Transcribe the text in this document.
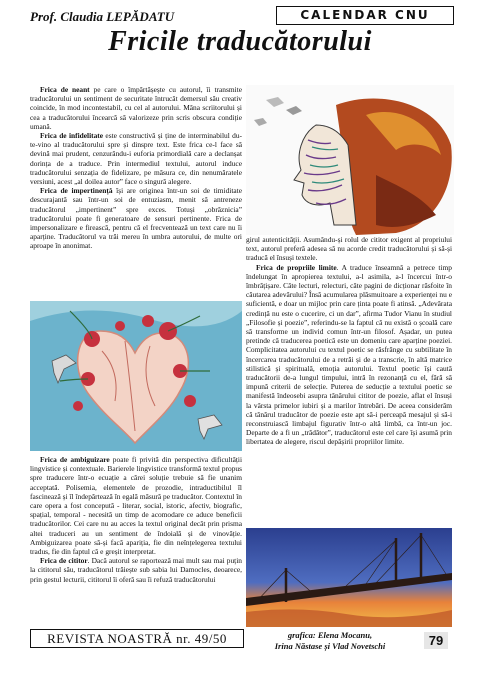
Prof. Claudia LEPĂDATU	CALENDAR CNU
Fricile traducătorului

Frica de neant pe care o împărtășește cu autorul, îi transmite traducătorului un sentiment de securitate întrucât demersul său creativ coincide, în mod incontestabil, cu cel al autorului. Mâna scriitorului și cea a traducătorului încearcă să valorizeze prin scris obscura condiție umană.

Frica de infidelitate este constructivă și ține de interminabilul du-te-vino al traducătorului spre și dinspre text. Este frica ce-l face să devină mai prudent, cenzurându-i euforia primordială care a declanșat dorința de a traduce. Prin intermediul textului, autorul induce traducătorului senzația de fidelizare, pe măsura ce, din nenumăratele versiuni, acest „al doilea autor” face o singură alegere.

Frica de impertinență își are originea într-un soi de timiditate descurajantă sau într-un soi de entuziasm, menit să antreneze traducătorul „impertinent” spre exces. Totuși „obrăznicia” traducătorului poate fi generatoare de sensuri pertinente. Frica de impersonalizare e firească, pentru că el frecventează un text care nu îi aparține. Traducătorul va trăi mereu în umbra autorului, de multe ori aproape în anonimat.

Frica de ambiguizare poate fi privită din perspectiva dificultății lingvistice și contextuale. Barierele lingvistice transformă textul propus spre traducere într-o ecuație a cărei soluție trebuie să fie unanim acceptată. Polisemia, elementele de prozodie, intraductibilul îl fascinează și îl îndepărtează în egală măsură pe traducător. Contextul în care opera a fost concepută - literar, social, istoric, afectiv, biografic, spațial, temporal - necesită un timp de acomodare ce aduce beneficii traducătorilor. Cei care nu au acces la textul original decât prin prisma altei traduceri au un sentiment de îndoială și de vinovăție. Ambiguizarea poate să-și facă apariția, fie din neînțelegerea textului tradus, fie din faptul că e greșit interpretat.

Frica de cititor. Dacă autorul se raportează mai mult sau mai puțin la cititorul său, traducătorul trăiește sub sabia lui Damocles, deoarece, prin gestul lecturii, cititorul îi oferă sau îi refuză traducătorului

girul autenticității. Asumându-și rolul de cititor exigent al propriului text, autorul preferă adesea să nu acorde credit traducătorului și să-și traducă el însuși textele.

Frica de propriile limite. A traduce înseamnă a petrece timp îndelungat în apropierea textului, a-l asimila, a-l încercui într-o îmbrățișare. Câte lecturi, relecturi, câte pagini de dicționar răsfoite în căutarea adevărului? Însă acumularea plăsmuitoare a experienței nu e suficientă, e doar un mijloc prin care ținta poate fi atinsă. „Adevărata credință nu este o cucerire, ci un dar”, afirma Tudor Vianu în studiul „Filosofie și poezie”, referindu-se la faptul că nu există o școală care să transforme un individ comun într-un filosof. Așadar, un putea pretinde că traducerea poetică este un domeniu care aparține poeziei. Complicitatea autorului cu textul poetic se răsfrânge cu subtilitate în încercarea traducătorului de a retrăi și de a transcrie, în altă matrice stilistică și spirituală, emoția autorului. Textul poetic își caută traducătorii de-a lungul timpului, intră în rezonanță cu el, fără să impună criterii de selecție. Puterea de seducție a textului poetic se manifestă îndeosebi asupra tânărului cititor de poezie, aflat el însuși la vârsta primelor iubiri și a marilor întrebări. De aceea considerăm că tânărul traducător de poezie este apt să-i perceapă mesajul și să-i reconstruiască limbajul figurativ într-o altă limbă, ca într-un joc. Departe de a fi un „trădător”, traducătorul este cel care își asumă prin libertatea de alegere, riscul depășirii propriilor limite.

REVISTA NOASTRĂ nr. 49/50	grafica: Elena Mocanu,
Irina Năstase și Vlad Novetschi	79
